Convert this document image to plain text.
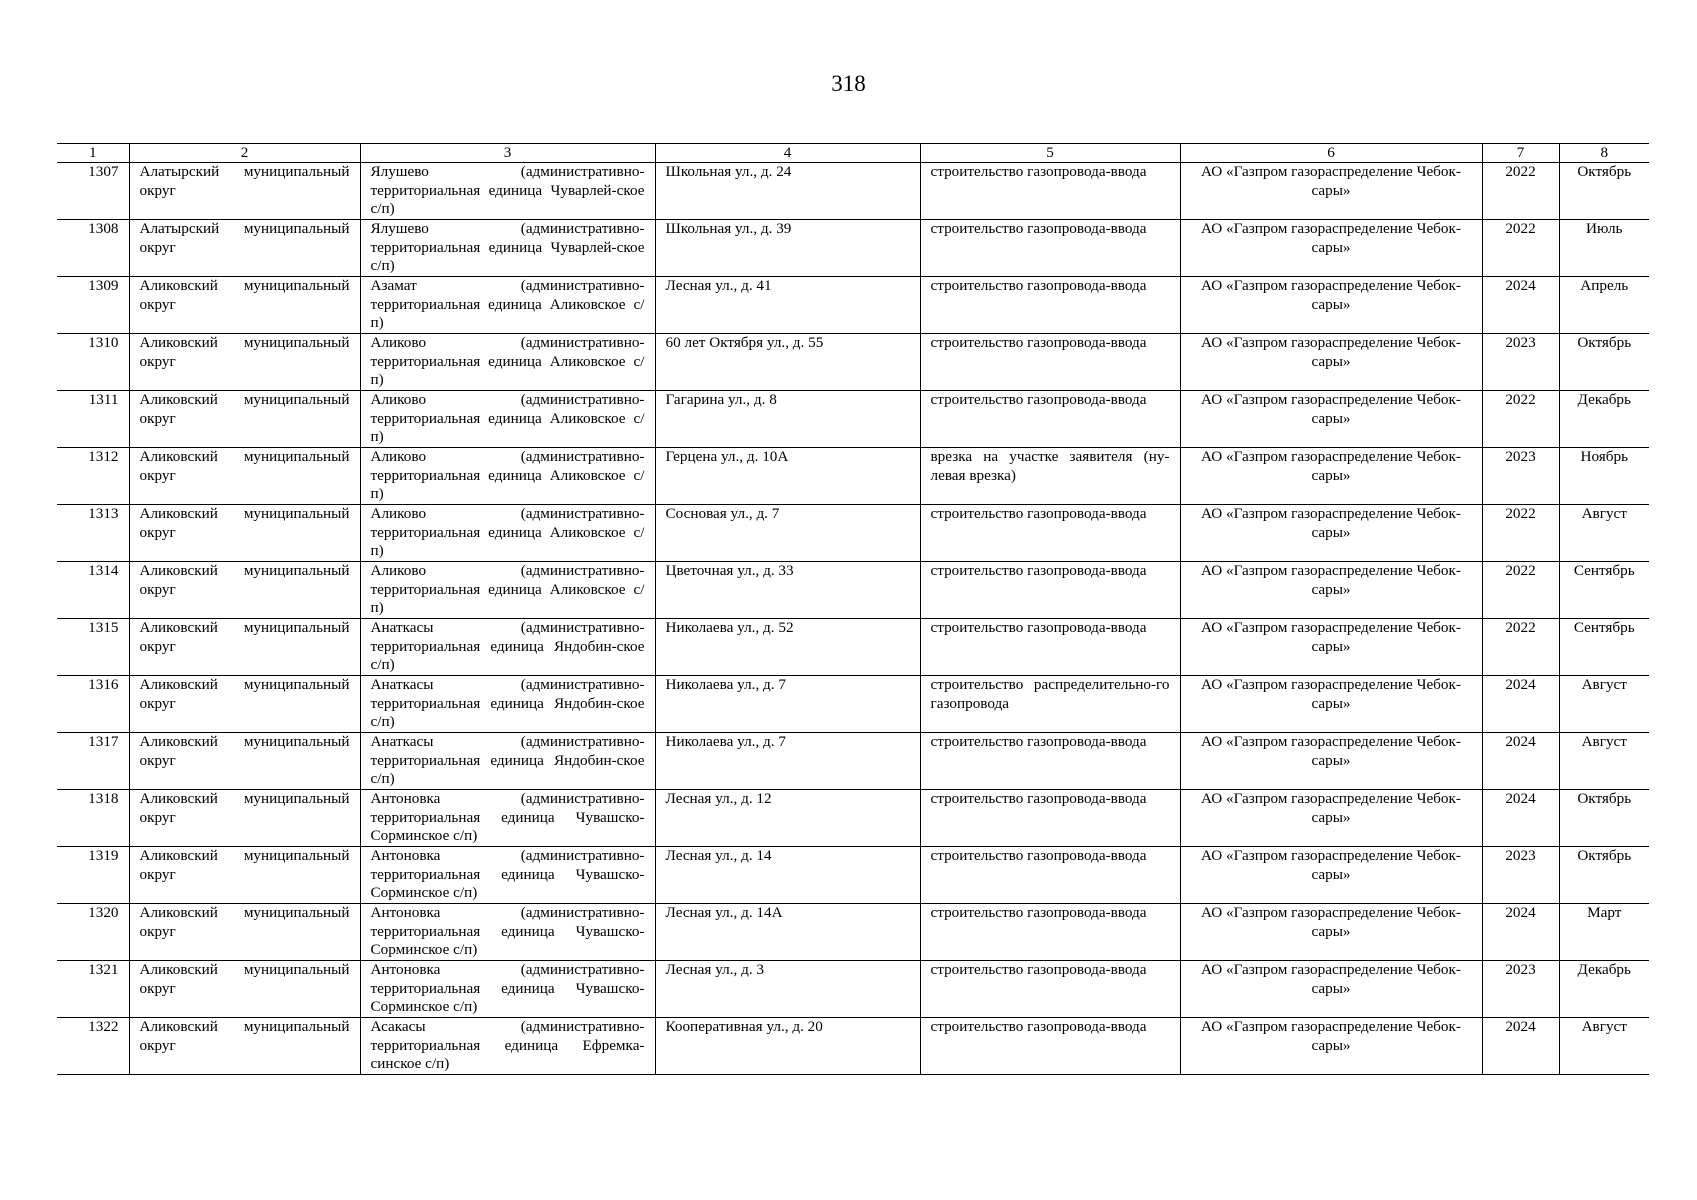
318
1	2	3	4	5	6	7	8
1307	Алатырский муниципальный округ	Ялушево (административно-территориальная единица Чуварлей-ское с/п)	Школьная ул., д. 24	строительство газопровода-ввода	АО «Газпром газораспределение Чебок-сары»	2022	Октябрь
1308	Алатырский муниципальный округ	Ялушево (административно-территориальная единица Чуварлей-ское с/п)	Школьная ул., д. 39	строительство газопровода-ввода	АО «Газпром газораспределение Чебок-сары»	2022	Июль
1309	Аликовский муниципальный округ	Азамат (административно-территориальная единица Аликовское с/п)	Лесная ул., д. 41	строительство газопровода-ввода	АО «Газпром газораспределение Чебок-сары»	2024	Апрель
1310	Аликовский муниципальный округ	Аликово (административно-территориальная единица Аликовское с/п)	60 лет Октября ул., д. 55	строительство газопровода-ввода	АО «Газпром газораспределение Чебок-сары»	2023	Октябрь
1311	Аликовский муниципальный округ	Аликово (административно-территориальная единица Аликовское с/п)	Гагарина ул., д. 8	строительство газопровода-ввода	АО «Газпром газораспределение Чебок-сары»	2022	Декабрь
1312	Аликовский муниципальный округ	Аликово (административно-территориальная единица Аликовское с/п)	Герцена ул., д. 10А	врезка на участке заявителя (ну-левая врезка)	АО «Газпром газораспределение Чебок-сары»	2023	Ноябрь
1313	Аликовский муниципальный округ	Аликово (административно-территориальная единица Аликовское с/п)	Сосновая ул., д. 7	строительство газопровода-ввода	АО «Газпром газораспределение Чебок-сары»	2022	Август
1314	Аликовский муниципальный округ	Аликово (административно-территориальная единица Аликовское с/п)	Цветочная ул., д. 33	строительство газопровода-ввода	АО «Газпром газораспределение Чебок-сары»	2022	Сентябрь
1315	Аликовский муниципальный округ	Анаткасы (административно-территориальная единица Яндобин-ское с/п)	Николаева ул., д. 52	строительство газопровода-ввода	АО «Газпром газораспределение Чебок-сары»	2022	Сентябрь
1316	Аликовский муниципальный округ	Анаткасы (административно-территориальная единица Яндобин-ское с/п)	Николаева ул., д. 7	строительство распределительно-го газопровода	АО «Газпром газораспределение Чебок-сары»	2024	Август
1317	Аликовский муниципальный округ	Анаткасы (административно-территориальная единица Яндобин-ское с/п)	Николаева ул., д. 7	строительство газопровода-ввода	АО «Газпром газораспределение Чебок-сары»	2024	Август
1318	Аликовский муниципальный округ	Антоновка (административно-территориальная единица Чувашско-Сорминское с/п)	Лесная ул., д. 12	строительство газопровода-ввода	АО «Газпром газораспределение Чебок-сары»	2024	Октябрь
1319	Аликовский муниципальный округ	Антоновка (административно-территориальная единица Чувашско-Сорминское с/п)	Лесная ул., д. 14	строительство газопровода-ввода	АО «Газпром газораспределение Чебок-сары»	2023	Октябрь
1320	Аликовский муниципальный округ	Антоновка (административно-территориальная единица Чувашско-Сорминское с/п)	Лесная ул., д. 14А	строительство газопровода-ввода	АО «Газпром газораспределение Чебок-сары»	2024	Март
1321	Аликовский муниципальный округ	Антоновка (административно-территориальная единица Чувашско-Сорминское с/п)	Лесная ул., д. 3	строительство газопровода-ввода	АО «Газпром газораспределение Чебок-сары»	2023	Декабрь
1322	Аликовский муниципальный округ	Асакасы (административно-территориальная единица Ефремка-синское с/п)	Кооперативная ул., д. 20	строительство газопровода-ввода	АО «Газпром газораспределение Чебок-сары»	2024	Август
